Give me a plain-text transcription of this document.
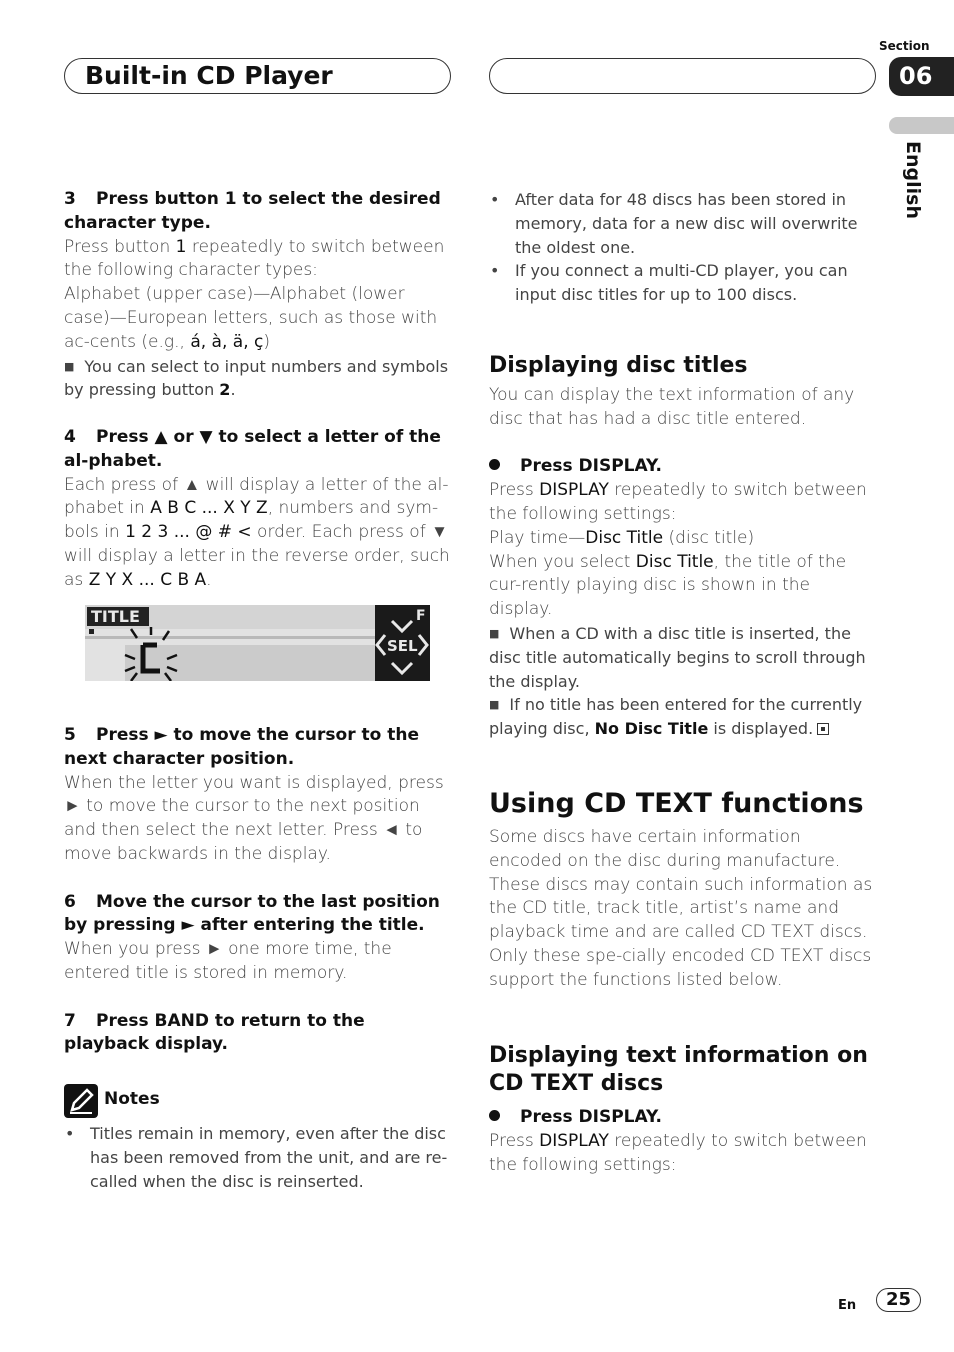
Built-in CD Player
Section
06
English

3 Press button 1 to select the desired character type.

Press button 1 repeatedly to switch between the following character types:

Alphabet (upper case)—Alphabet (lower case)—European letters, such as those with ac-cents (e.g., á, à, ä, ç)

■ You can select to input numbers and symbols by pressing button 2.

4 Press ▲ or ▼ to select a letter of the al-phabet.

Each press of ▲ will display a letter of the al-phabet in A B C ... X Y Z, numbers and sym-bols in 1 2 3 ... @ # < order. Each press of ▼ will display a letter in the reverse order, such as Z Y X ... C B A.

TITLE	F
SEL

5 Press ► to move the cursor to the next character position.

When the letter you want is displayed, press ► to move the cursor to the next position and then select the next letter. Press ◄ to move backwards in the display.

6 Move the cursor to the last position by pressing ► after entering the title.

When you press ► one more time, the entered title is stored in memory.

7 Press BAND to return to the playback display.

Notes
• Titles remain in memory, even after the disc has been removed from the unit, and are re-called when the disc is reinserted.
• After data for 48 discs has been stored in memory, data for a new disc will overwrite the oldest one.
• If you connect a multi-CD player, you can input disc titles for up to 100 discs.
Displaying disc titles

You can display the text information of any disc that has had a disc title entered.

Press DISPLAY.

Press DISPLAY repeatedly to switch between the following settings:

Play time—Disc Title (disc title)

When you select Disc Title, the title of the cur-rently playing disc is shown in the display.

■ When a CD with a disc title is inserted, the disc title automatically begins to scroll through the display.

■ If no title has been entered for the currently playing disc, No Disc Title is displayed.

Using CD TEXT functions

Some discs have certain information encoded on the disc during manufacture. These discs may contain such information as the CD title, track title, artist’s name and playback time and are called CD TEXT discs. Only these spe-cially encoded CD TEXT discs support the functions listed below.

Displaying text information on CD TEXT discs

Press DISPLAY.

Press DISPLAY repeatedly to switch between the following settings:

En	25
